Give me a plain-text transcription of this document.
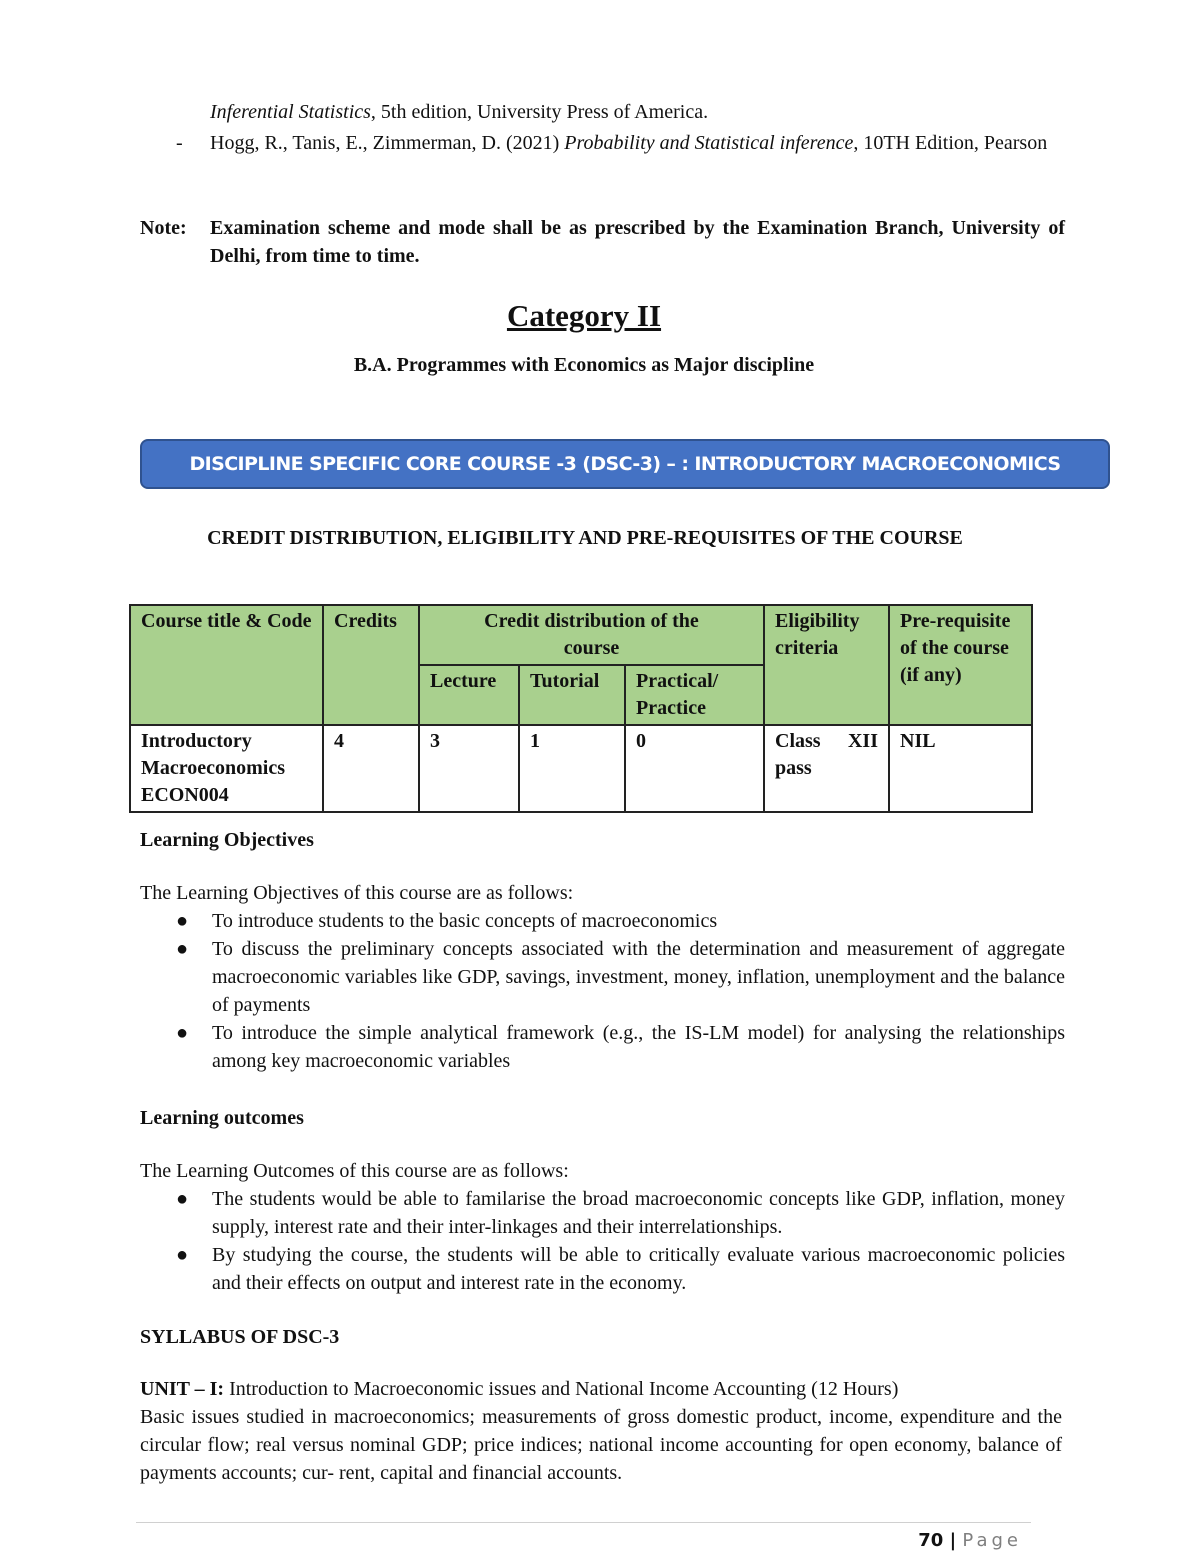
Inferential Statistics, 5th edition, University Press of America.
- Hogg, R., Tanis, E., Zimmerman, D. (2021) Probability and Statistical inference, 10TH Edition, Pearson
Note: Examination scheme and mode shall be as prescribed by the Examination Branch, University of Delhi, from time to time.
Category II
B.A. Programmes with Economics as Major discipline
DISCIPLINE SPECIFIC CORE COURSE -3 (DSC-3) – : INTRODUCTORY MACROECONOMICS
CREDIT DISTRIBUTION, ELIGIBILITY AND PRE-REQUISITES OF THE COURSE
Course title & Code	Credits	Credit distribution of the course			Eligibility criteria	Pre-requisite of the course (if any)
		Lecture	Tutorial	Practical/ Practice		
Introductory Macroeconomics ECON004	4	3	1	0	Class XII pass	NIL
Learning Objectives
The Learning Objectives of this course are as follows:
● To introduce students to the basic concepts of macroeconomics
● To discuss the preliminary concepts associated with the determination and measurement of aggregate macroeconomic variables like GDP, savings, investment, money, inflation, unemployment and the balance of payments
● To introduce the simple analytical framework (e.g., the IS-LM model) for analysing the relationships among key macroeconomic variables
Learning outcomes
The Learning Outcomes of this course are as follows:
● The students would be able to familarise the broad macroeconomic concepts like GDP, inflation, money supply, interest rate and their inter-linkages and their interrelationships.
● By studying the course, the students will be able to critically evaluate various macroeconomic policies and their effects on output and interest rate in the economy.
SYLLABUS OF DSC-3
UNIT – I: Introduction to Macroeconomic issues and National Income Accounting (12 Hours)
Basic issues studied in macroeconomics; measurements of gross domestic product, income, expenditure and the circular flow; real versus nominal GDP; price indices; national income accounting for open economy, balance of payments accounts; cur- rent, capital and financial accounts.
70 | Page
